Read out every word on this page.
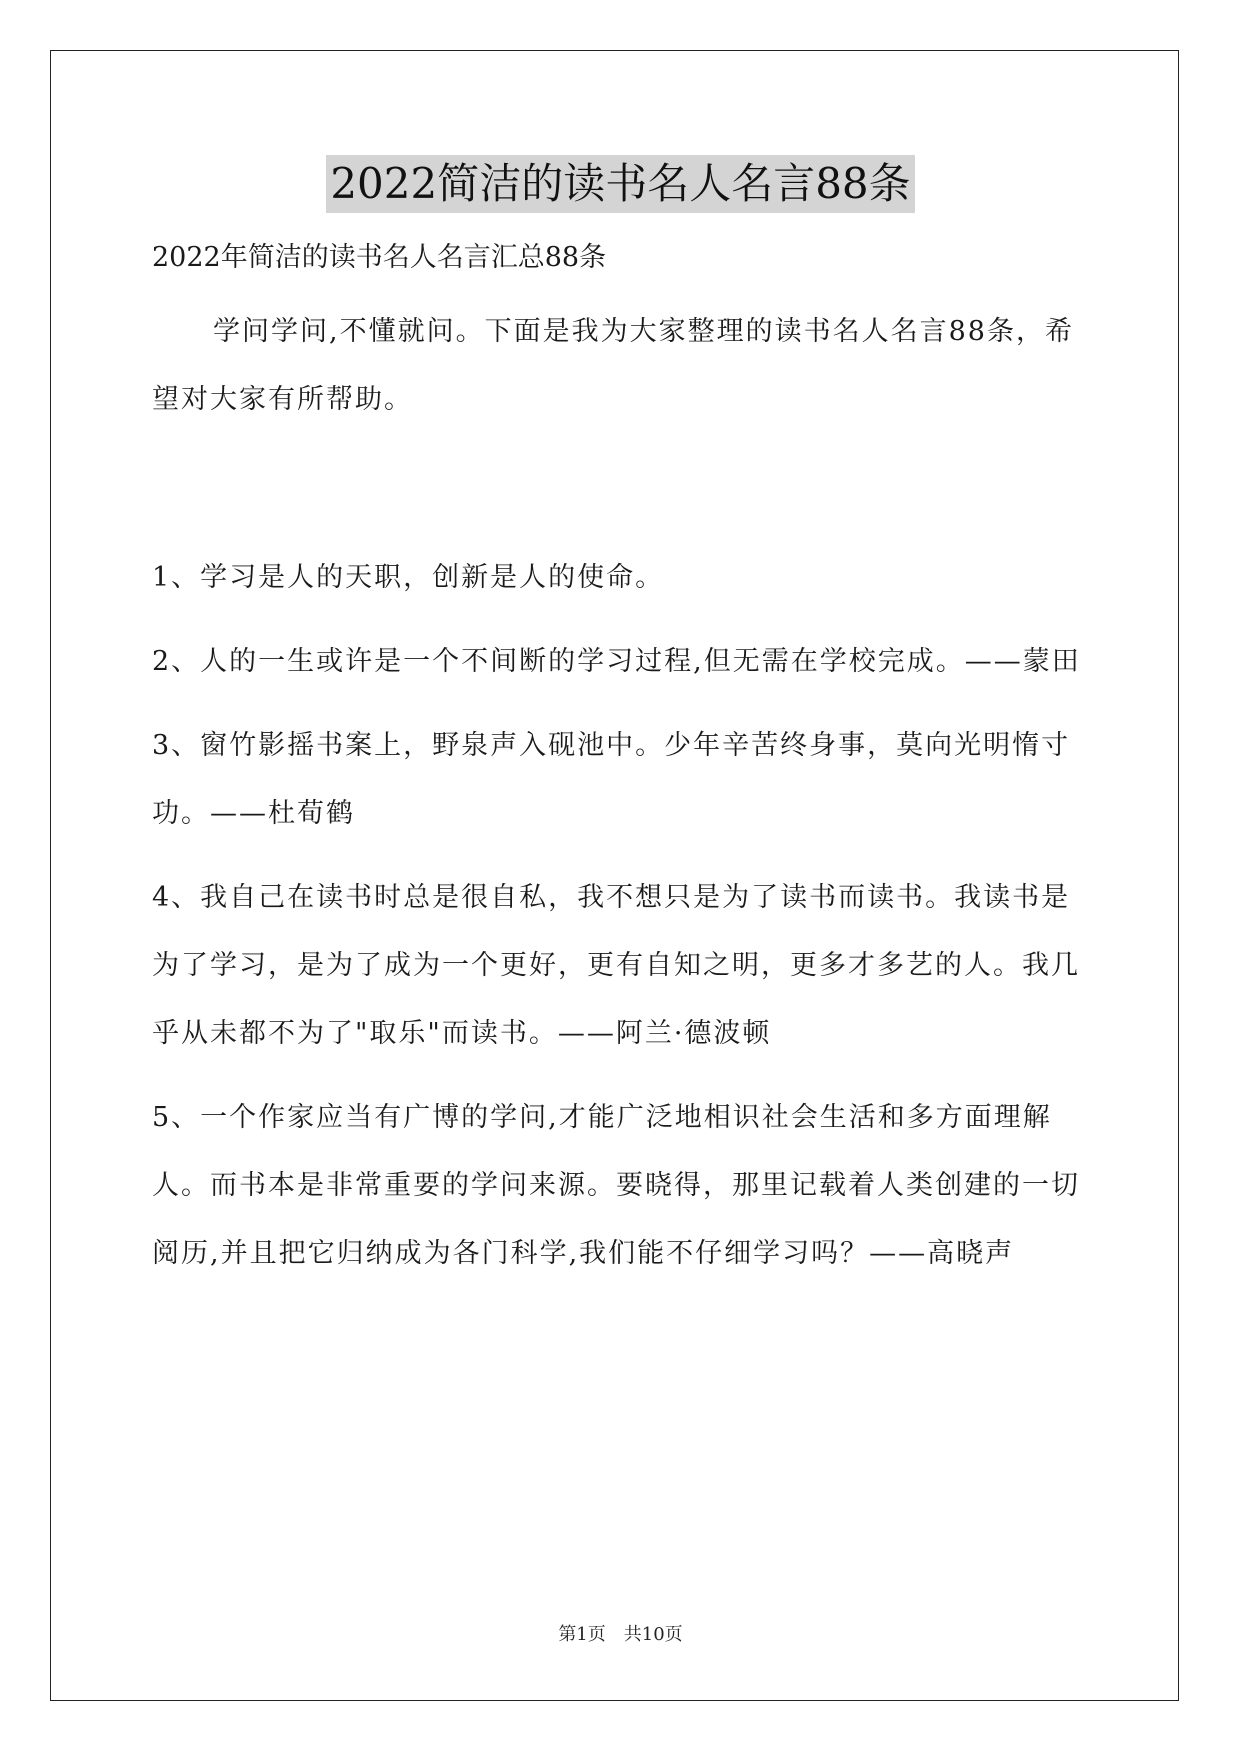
2022简洁的读书名人名言88条

2022年简洁的读书名人名言汇总88条

学问学问,不懂就问。下面是我为大家整理的读书名人名言88条，希望对大家有所帮助。

1、学习是人的天职，创新是人的使命。

2、人的一生或许是一个不间断的学习过程,但无需在学校完成。——蒙田

3、窗竹影摇书案上，野泉声入砚池中。少年辛苦终身事，莫向光明惰寸功。——杜荀鹤

4、我自己在读书时总是很自私，我不想只是为了读书而读书。我读书是为了学习，是为了成为一个更好，更有自知之明，更多才多艺的人。我几乎从未都不为了"取乐"而读书。——阿兰·德波顿

5、一个作家应当有广博的学问,才能广泛地相识社会生活和多方面理解人。而书本是非常重要的学问来源。要晓得，那里记载着人类创建的一切阅历,并且把它归纳成为各门科学,我们能不仔细学习吗？——高晓声

第1页 共10页
